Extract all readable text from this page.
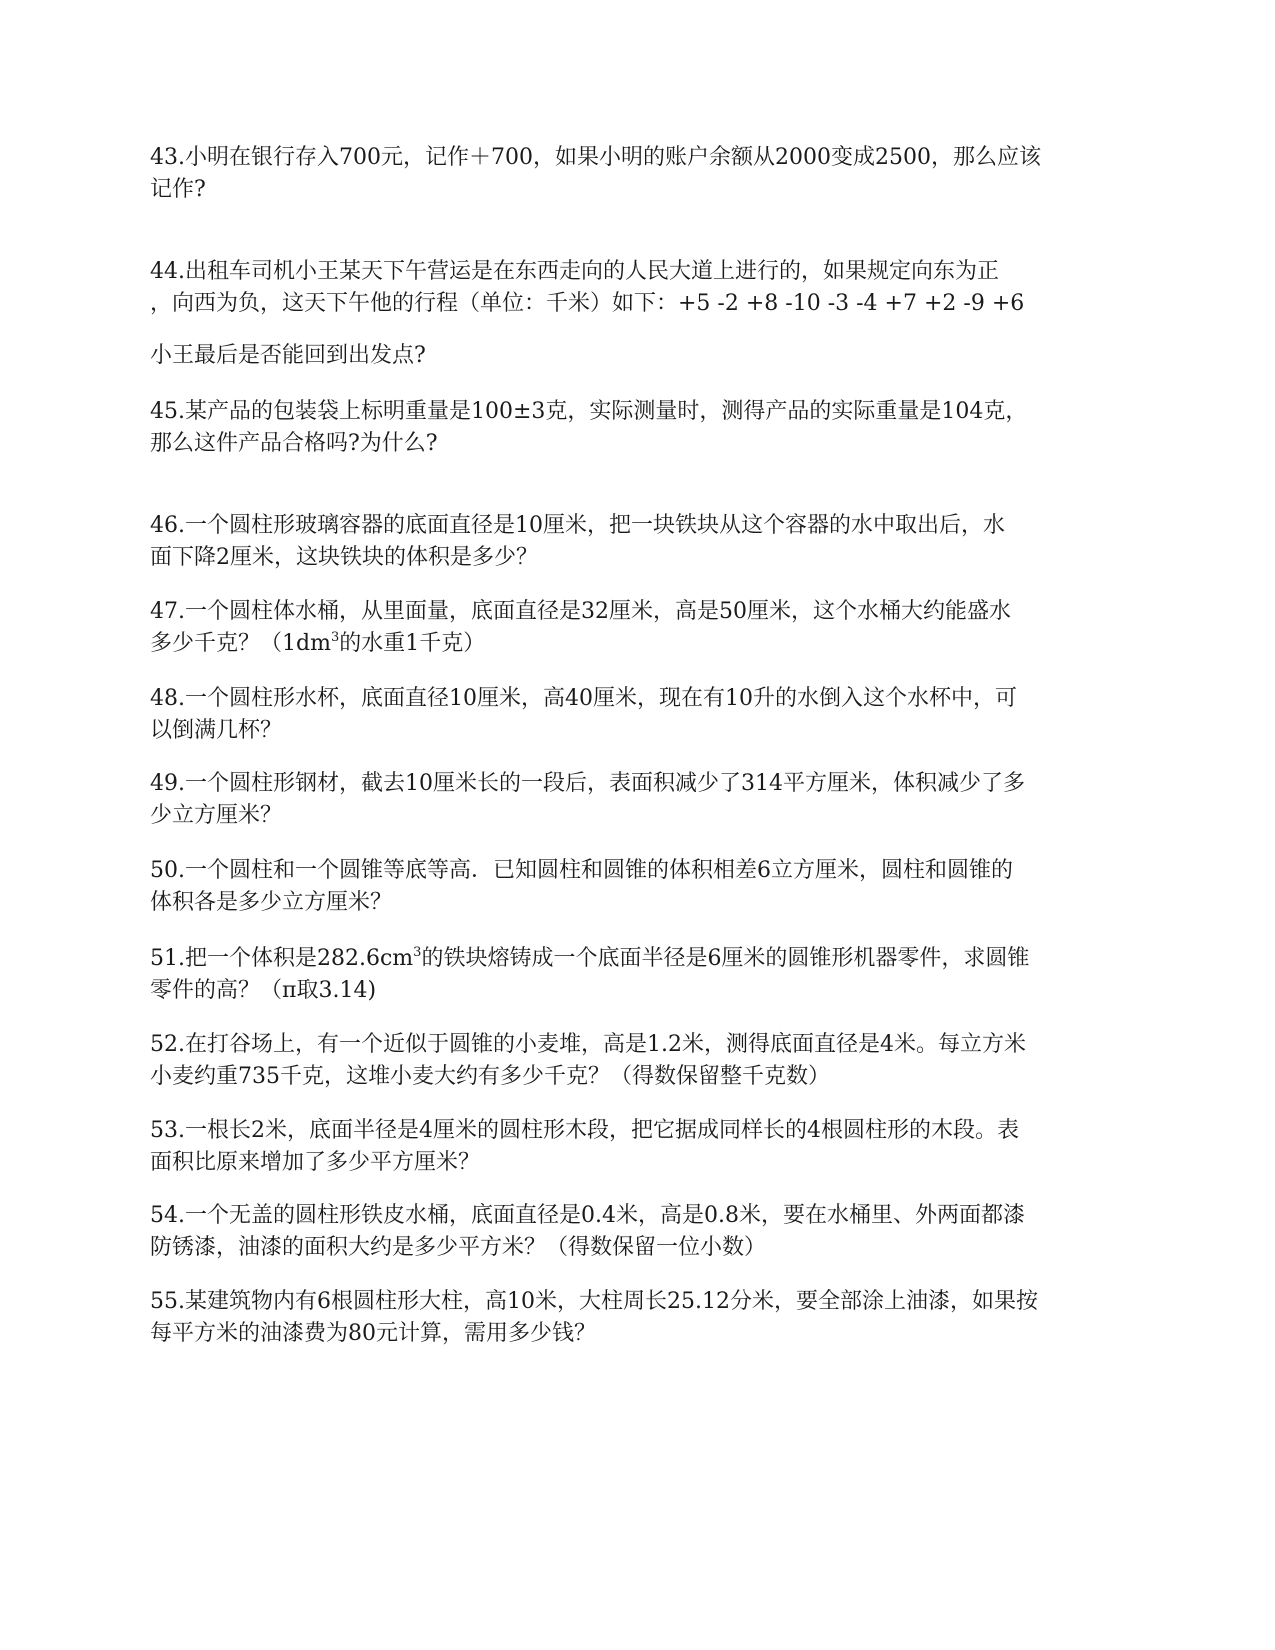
43.小明在银行存入700元，记作＋700，如果小明的账户余额从2000变成2500，那么应该
记作?
44.出租车司机小王某天下午营运是在东西走向的人民大道上进行的，如果规定向东为正
，向西为负，这天下午他的行程（单位：千米）如下：+5 -2 +8 -10 -3 -4 +7 +2 -9 +6
小王最后是否能回到出发点?
45.某产品的包装袋上标明重量是100±3克，实际测量时，测得产品的实际重量是104克，
那么这件产品合格吗?为什么?
46.一个圆柱形玻璃容器的底面直径是10厘米，把一块铁块从这个容器的水中取出后，水
面下降2厘米，这块铁块的体积是多少？
47.一个圆柱体水桶，从里面量，底面直径是32厘米，高是50厘米，这个水桶大约能盛水
多少千克？（$1dm^3$的水重1千克）
48.一个圆柱形水杯，底面直径10厘米，高40厘米，现在有10升的水倒入这个水杯中，可
以倒满几杯？
49.一个圆柱形钢材，截去10厘米长的一段后，表面积减少了314平方厘米，体积减少了多
少立方厘米？
50.一个圆柱和一个圆锥等底等高．已知圆柱和圆锥的体积相差6立方厘米，圆柱和圆锥的
体积各是多少立方厘米？
51.把一个体积是$282.6cm^3$的铁块熔铸成一个底面半径是6厘米的圆锥形机器零件，求圆锥
零件的高？（π取3.14)
52.在打谷场上，有一个近似于圆锥的小麦堆，高是1.2米，测得底面直径是4米。每立方米
小麦约重735千克，这堆小麦大约有多少千克？（得数保留整千克数）
53.一根长2米，底面半径是4厘米的圆柱形木段，把它据成同样长的4根圆柱形的木段。表
面积比原来增加了多少平方厘米？
54.一个无盖的圆柱形铁皮水桶，底面直径是0.4米，高是0.8米，要在水桶里、外两面都漆
防锈漆，油漆的面积大约是多少平方米？（得数保留一位小数）
55.某建筑物内有6根圆柱形大柱，高10米，大柱周长25.12分米，要全部涂上油漆，如果按
每平方米的油漆费为80元计算，需用多少钱？
